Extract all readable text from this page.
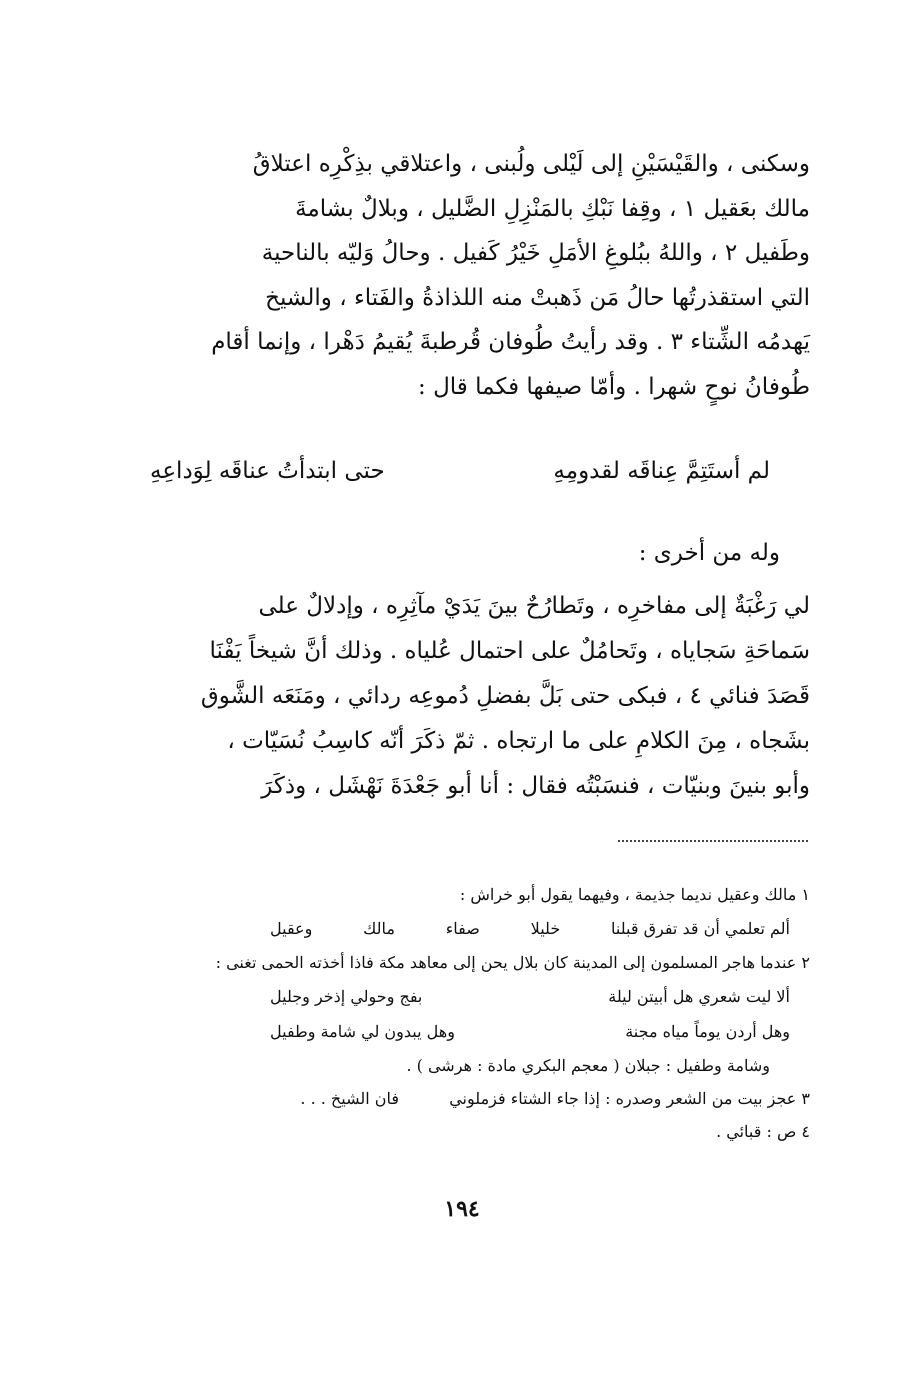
وسكنى ، والقَيْسَيْنِ إلى لَيْلى ولُبنى ، واعتلاقي بذِكْرِه اعتلاقُ
مالك بعَقيل ١ ، وقِفا نَبْكِ بالمَنْزِلِ الضَّليل ، وبلالٌ بشامةَ
وطَفيل ٢ ، واللهُ ببُلوغِ الأمَلِ خَيْرُ كَفيل . وحالُ وَليّه بالناحية
التي استقذرتُها حالُ مَن ذَهبتْ منه اللذاذةُ والفَتاء ، والشيخ
يَهدمُه الشِّتاء ٣ . وقد رأيتُ طُوفان قُرطبةَ يُقيمُ دَهْرا ، وإنما أقام
طُوفانُ نوحٍ شهرا . وأمّا صيفها فكما قال :
لم أستَتِمَّ عِناقَه لقدومِهِ
حتى ابتدأتُ عناقَه لِوَداعِهِ
وله من أخرى :
لي رَغْبَةٌ إلى مفاخرِه ، وتَطارُحٌ بينَ يَدَيْ مآثِرِه ، وإدلالٌ على
سَماحَةِ سَجاياه ، وتَحامُلٌ على احتمال عُلياه . وذلك أنَّ شيخاً يَفْنَا
قَصَدَ فنائي ٤ ، فبكى حتى بَلَّ بفضلِ دُموعِه ردائي ، ومَنَعَه الشَّوق
بشَجاه ، مِنَ الكلامِ على ما ارتجاه . ثمّ ذكَرَ أنّه كاسِبُ نُسَيّات ،
وأبو بنينَ وبنيّات ، فنسَبْتُه فقال : أنا أبو جَعْدَةَ نَهْشَل ، وذكَرَ
١ مالك وعقيل نديما جذيمة ، وفيهما يقول أبو خراش :
ألم تعلمي أن قد تفرق قبلنا
خليلا
صفاء
مالك
وعقيل
٢ عندما هاجر المسلمون إلى المدينة كان بلال يحن إلى معاهد مكة فاذا أخذته الحمى تغنى :
ألا ليت شعري هل أبيتن ليلة
بفج وحولي إذخر وجليل
وهل أردن يوماً مياه مجنة
وهل يبدون لي شامة وطفيل
وشامة وطفيل : جبلان ( معجم البكري مادة : هرشى ) .
٣ عجز بيت من الشعر وصدره : إذا جاء الشتاء فزملوني  فان الشيخ . . .
٤ ص : قبائي .
١٩٤
